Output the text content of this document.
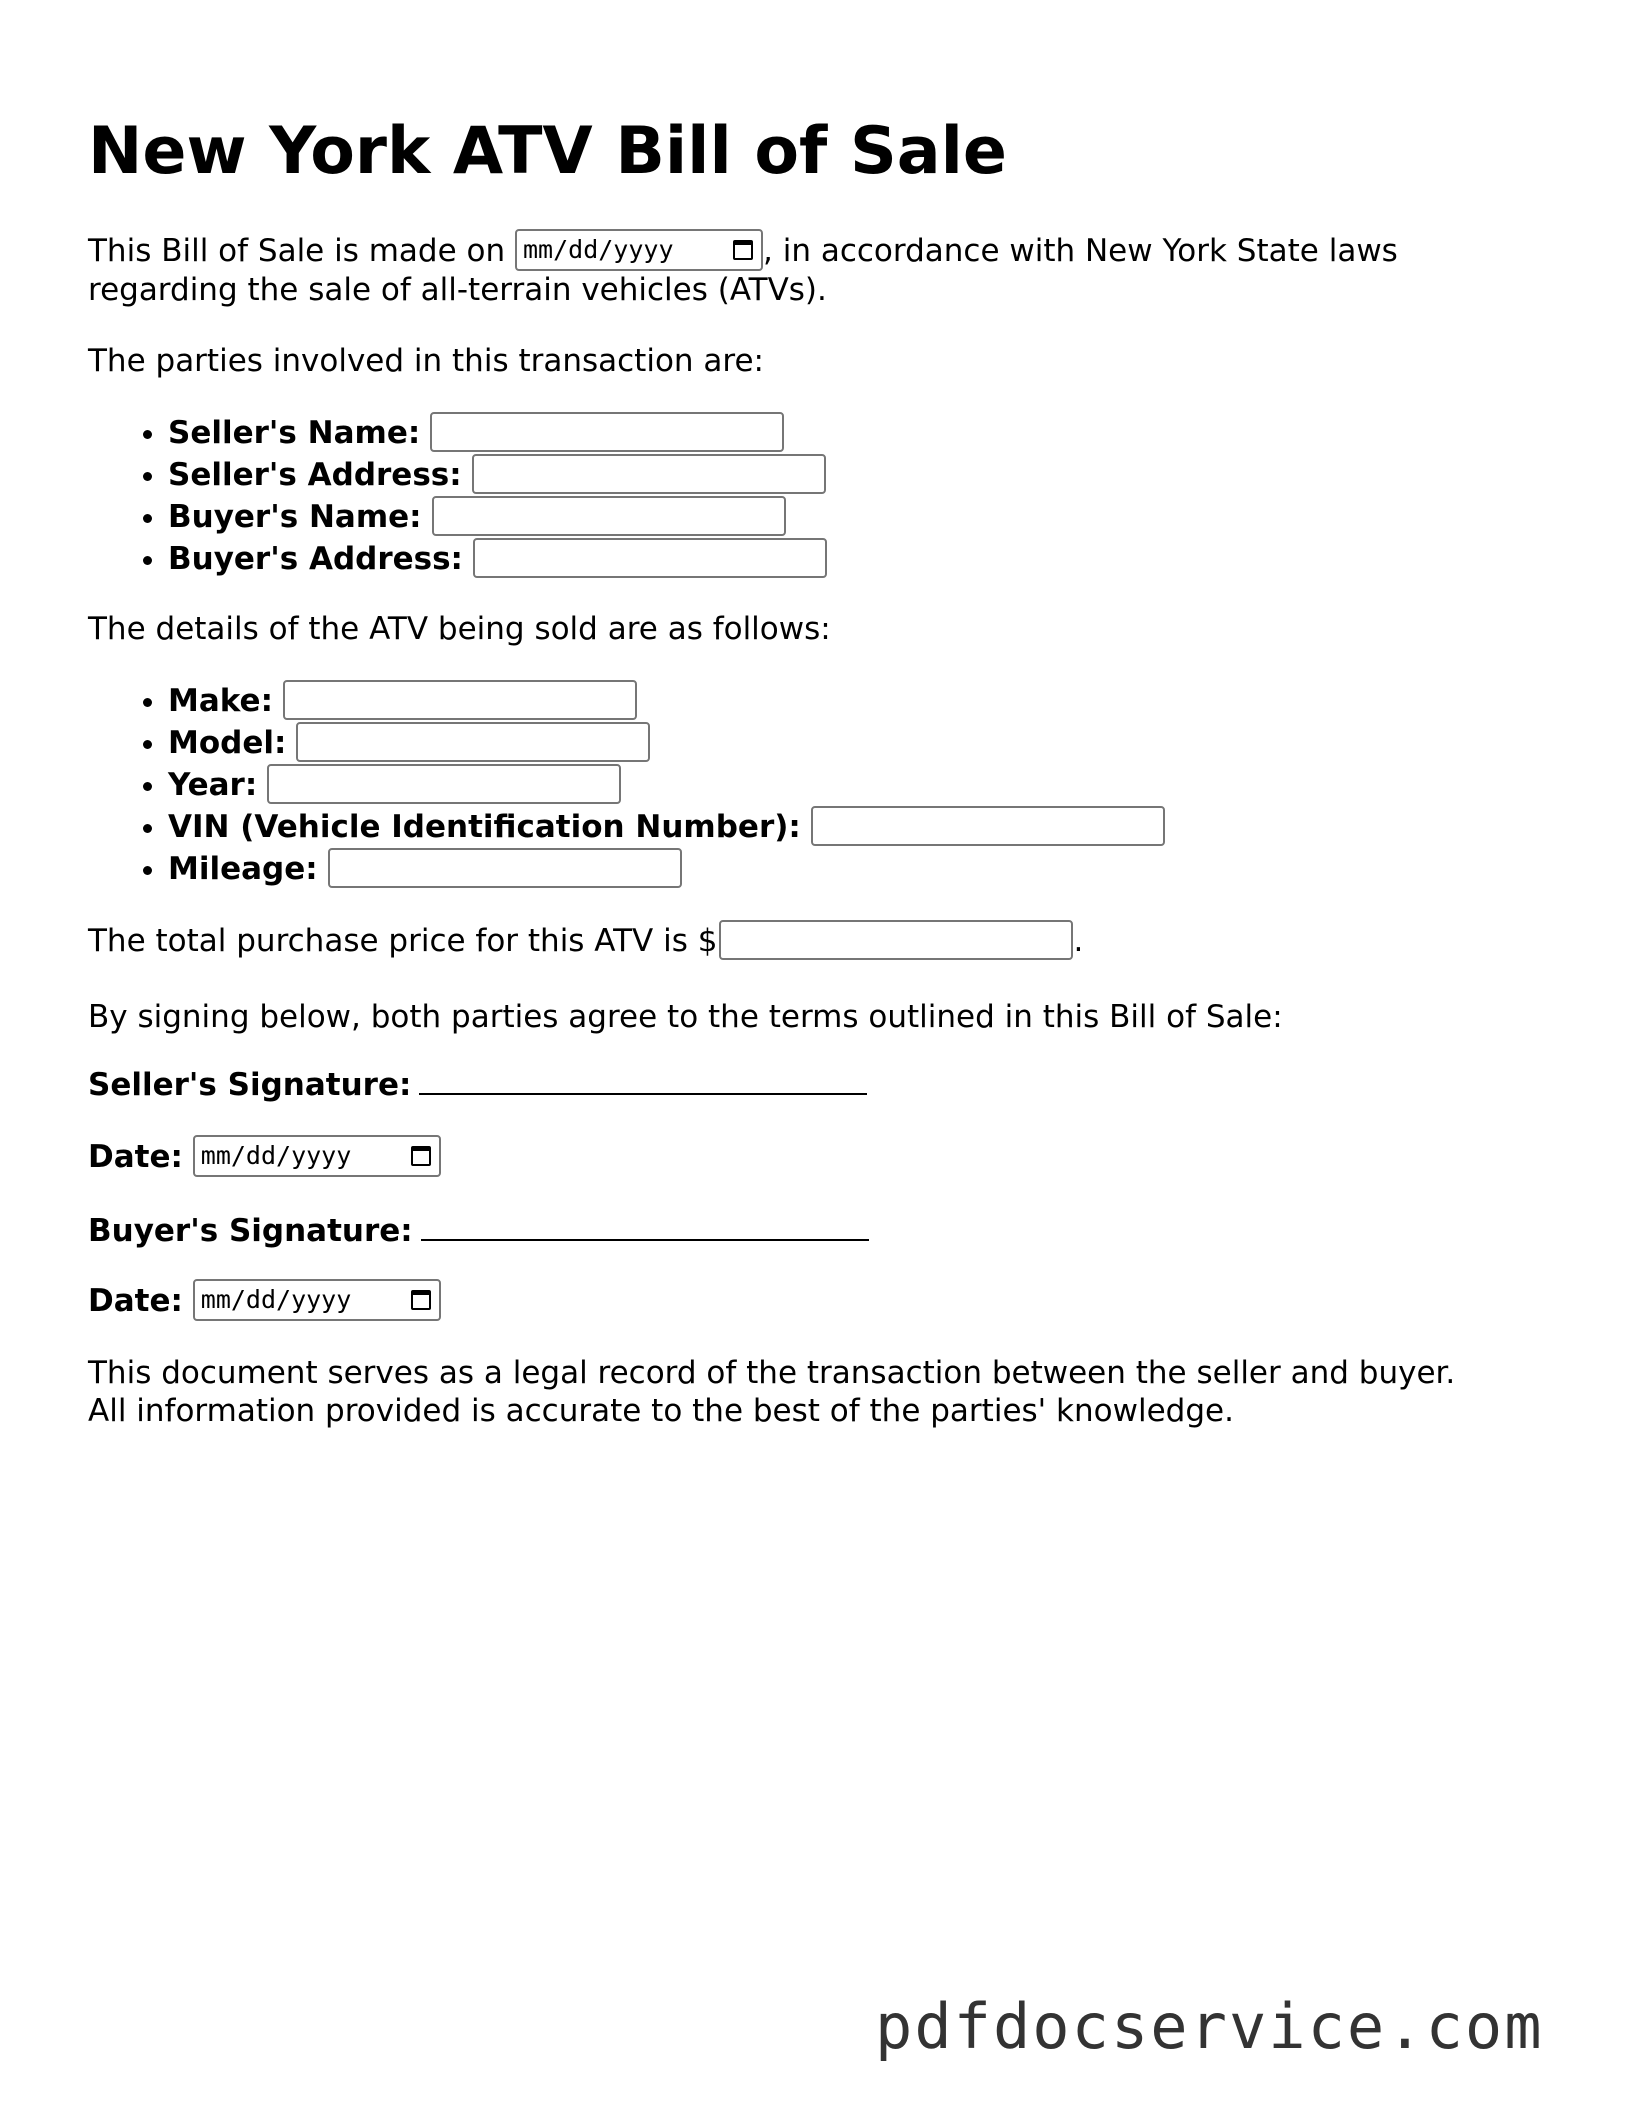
New York ATV Bill of Sale

This Bill of Sale is made on mm/dd/yyyy	, in accordance with New York State laws regarding the sale of all-terrain vehicles (ATVs).

The parties involved in this transaction are:

• Seller's Name:
• Seller's Address:
• Buyer's Name:
• Buyer's Address:

The details of the ATV being sold are as follows:

• Make:
• Model:
• Year:
• VIN (Vehicle Identification Number):
• Mileage:

The total purchase price for this ATV is $	.

By signing below, both parties agree to the terms outlined in this Bill of Sale:

Seller's Signature:

Date: mm/dd/yyyy

Buyer's Signature:

Date: mm/dd/yyyy

This document serves as a legal record of the transaction between the seller and buyer.

All information provided is accurate to the best of the parties' knowledge.

pdfdocservice.com
